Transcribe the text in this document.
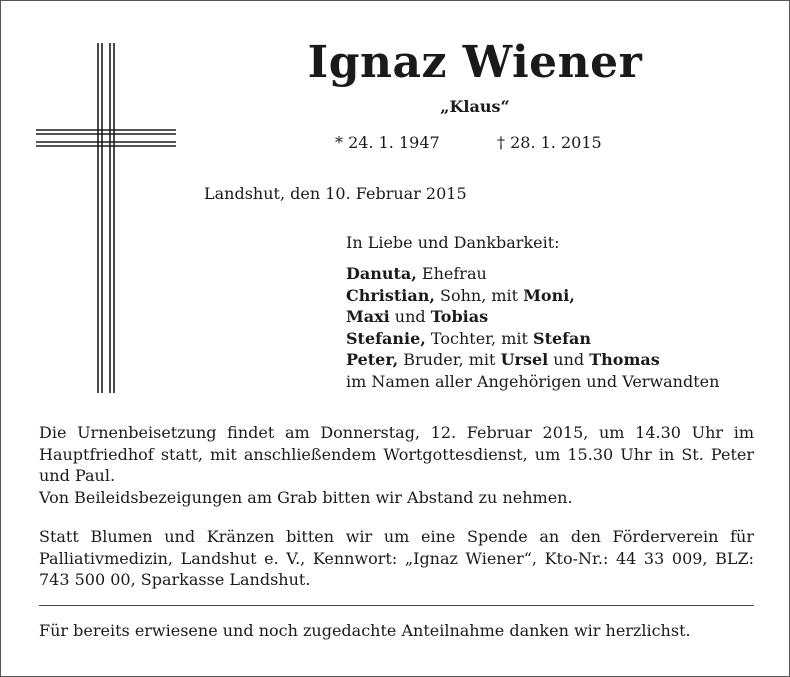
Ignaz Wiener
„Klaus“
* 24. 1. 1947	† 28. 1. 2015
Landshut, den 10. Februar 2015
In Liebe und Dankbarkeit:
Danuta, Ehefrau
Christian, Sohn, mit Moni,
Maxi und Tobias
Stefanie, Tochter, mit Stefan
Peter, Bruder, mit Ursel und Thomas
im Namen aller Angehörigen und Verwandten

Die Urnenbeisetzung findet am Donnerstag, 12. Februar 2015, um 14.30 Uhr im Hauptfriedhof statt, mit anschließendem Wortgottesdienst, um 15.30 Uhr in St. Peter und Paul.

Von Beileidsbezeigungen am Grab bitten wir Abstand zu nehmen.

Statt Blumen und Kränzen bitten wir um eine Spende an den Förderverein für Palliativmedizin, Landshut e. V., Kennwort: „Ignaz Wiener“, Kto-Nr.: 44 33 009, BLZ: 743 500 00, Sparkasse Landshut.

Für bereits erwiesene und noch zugedachte Anteilnahme danken wir herzlichst.
